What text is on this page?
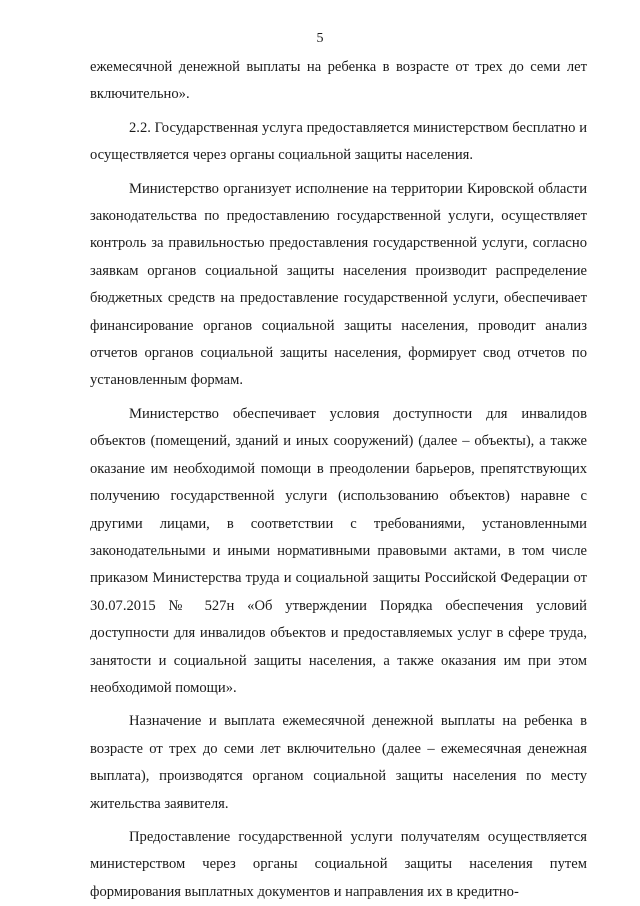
5

ежемесячной денежной выплаты на ребенка в возрасте от трех до семи лет включительно».

2.2. Государственная услуга предоставляется министерством бесплатно и осуществляется через органы социальной защиты населения.

Министерство организует исполнение на территории Кировской области законодательства по предоставлению государственной услуги, осуществляет контроль за правильностью предоставления государственной услуги, согласно заявкам органов социальной защиты населения производит распределение бюджетных средств на предоставление государственной услуги, обеспечивает финансирование органов социальной защиты населения, проводит анализ отчетов органов социальной защиты населения, формирует свод отчетов по установленным формам.

Министерство обеспечивает условия доступности для инвалидов объектов (помещений, зданий и иных сооружений) (далее – объекты), а также оказание им необходимой помощи в преодолении барьеров, препятствующих получению государственной услуги (использованию объектов) наравне с другими лицами, в соответствии с требованиями, установленными законодательными и иными нормативными правовыми актами, в том числе приказом Министерства труда и социальной защиты Российской Федерации от 30.07.2015 № 527н «Об утверждении Порядка обеспечения условий доступности для инвалидов объектов и предоставляемых услуг в сфере труда, занятости и социальной защиты населения, а также оказания им при этом необходимой помощи».

Назначение и выплата ежемесячной денежной выплаты на ребенка в возрасте от трех до семи лет включительно (далее – ежемесячная денежная выплата), производятся органом социальной защиты населения по месту жительства заявителя.

Предоставление государственной услуги получателям осуществляется министерством через органы социальной защиты населения путем формирования выплатных документов и направления их в кредитно-
